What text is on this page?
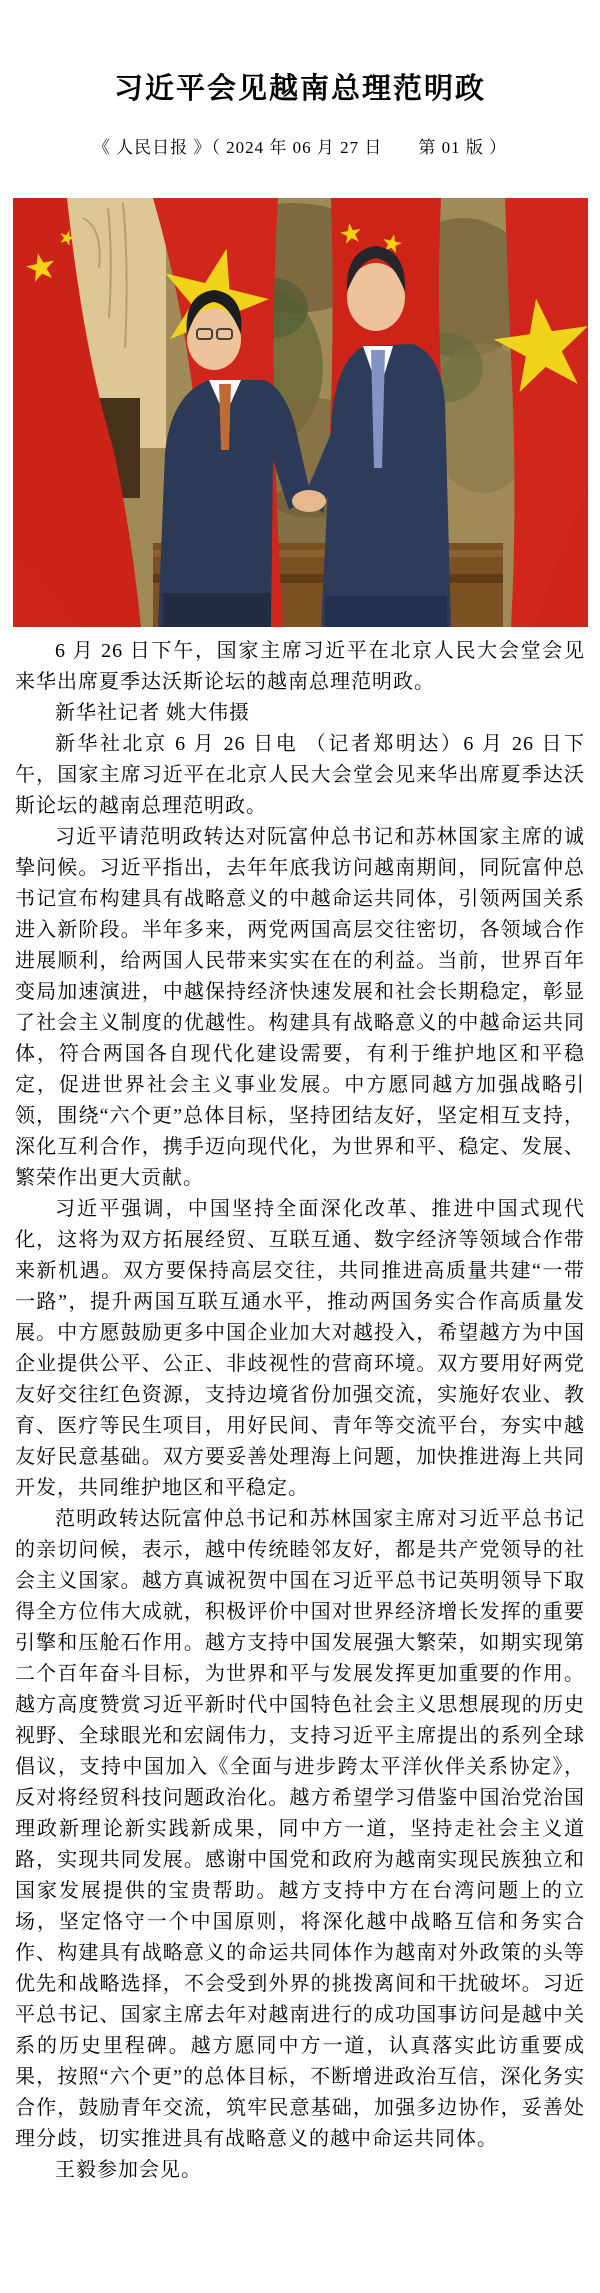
习近平会见越南总理范明政

《 人民日报 》（ 2024 年 06 月 27 日　　第 01 版 ）

6 月 26 日下午，国家主席习近平在北京人民大会堂会见来华出席夏季达沃斯论坛的越南总理范明政。

新华社记者 姚大伟摄

新华社北京 6 月 26 日电 （记者郑明达）6 月 26 日下午，国家主席习近平在北京人民大会堂会见来华出席夏季达沃斯论坛的越南总理范明政。

习近平请范明政转达对阮富仲总书记和苏林国家主席的诚挚问候。习近平指出，去年年底我访问越南期间，同阮富仲总书记宣布构建具有战略意义的中越命运共同体，引领两国关系进入新阶段。半年多来，两党两国高层交往密切，各领域合作进展顺利，给两国人民带来实实在在的利益。当前，世界百年变局加速演进，中越保持经济快速发展和社会长期稳定，彰显了社会主义制度的优越性。构建具有战略意义的中越命运共同体，符合两国各自现代化建设需要，有利于维护地区和平稳定，促进世界社会主义事业发展。中方愿同越方加强战略引领，围绕“六个更”总体目标，坚持团结友好，坚定相互支持，深化互利合作，携手迈向现代化，为世界和平、稳定、发展、繁荣作出更大贡献。

习近平强调，中国坚持全面深化改革、推进中国式现代化，这将为双方拓展经贸、互联互通、数字经济等领域合作带来新机遇。双方要保持高层交往，共同推进高质量共建“一带一路”，提升两国互联互通水平，推动两国务实合作高质量发展。中方愿鼓励更多中国企业加大对越投入，希望越方为中国企业提供公平、公正、非歧视性的营商环境。双方要用好两党友好交往红色资源，支持边境省份加强交流，实施好农业、教育、医疗等民生项目，用好民间、青年等交流平台，夯实中越友好民意基础。双方要妥善处理海上问题，加快推进海上共同开发，共同维护地区和平稳定。

范明政转达阮富仲总书记和苏林国家主席对习近平总书记的亲切问候，表示，越中传统睦邻友好，都是共产党领导的社会主义国家。越方真诚祝贺中国在习近平总书记英明领导下取得全方位伟大成就，积极评价中国对世界经济增长发挥的重要引擎和压舱石作用。越方支持中国发展强大繁荣，如期实现第二个百年奋斗目标，为世界和平与发展发挥更加重要的作用。越方高度赞赏习近平新时代中国特色社会主义思想展现的历史视野、全球眼光和宏阔伟力，支持习近平主席提出的系列全球倡议，支持中国加入《全面与进步跨太平洋伙伴关系协定》，反对将经贸科技问题政治化。越方希望学习借鉴中国治党治国理政新理论新实践新成果，同中方一道，坚持走社会主义道路，实现共同发展。感谢中国党和政府为越南实现民族独立和国家发展提供的宝贵帮助。越方支持中方在台湾问题上的立场，坚定恪守一个中国原则，将深化越中战略互信和务实合作、构建具有战略意义的命运共同体作为越南对外政策的头等优先和战略选择，不会受到外界的挑拨离间和干扰破坏。习近平总书记、国家主席去年对越南进行的成功国事访问是越中关系的历史里程碑。越方愿同中方一道，认真落实此访重要成果，按照“六个更”的总体目标，不断增进政治互信，深化务实合作，鼓励青年交流，筑牢民意基础，加强多边协作，妥善处理分歧，切实推进具有战略意义的越中命运共同体。

王毅参加会见。
